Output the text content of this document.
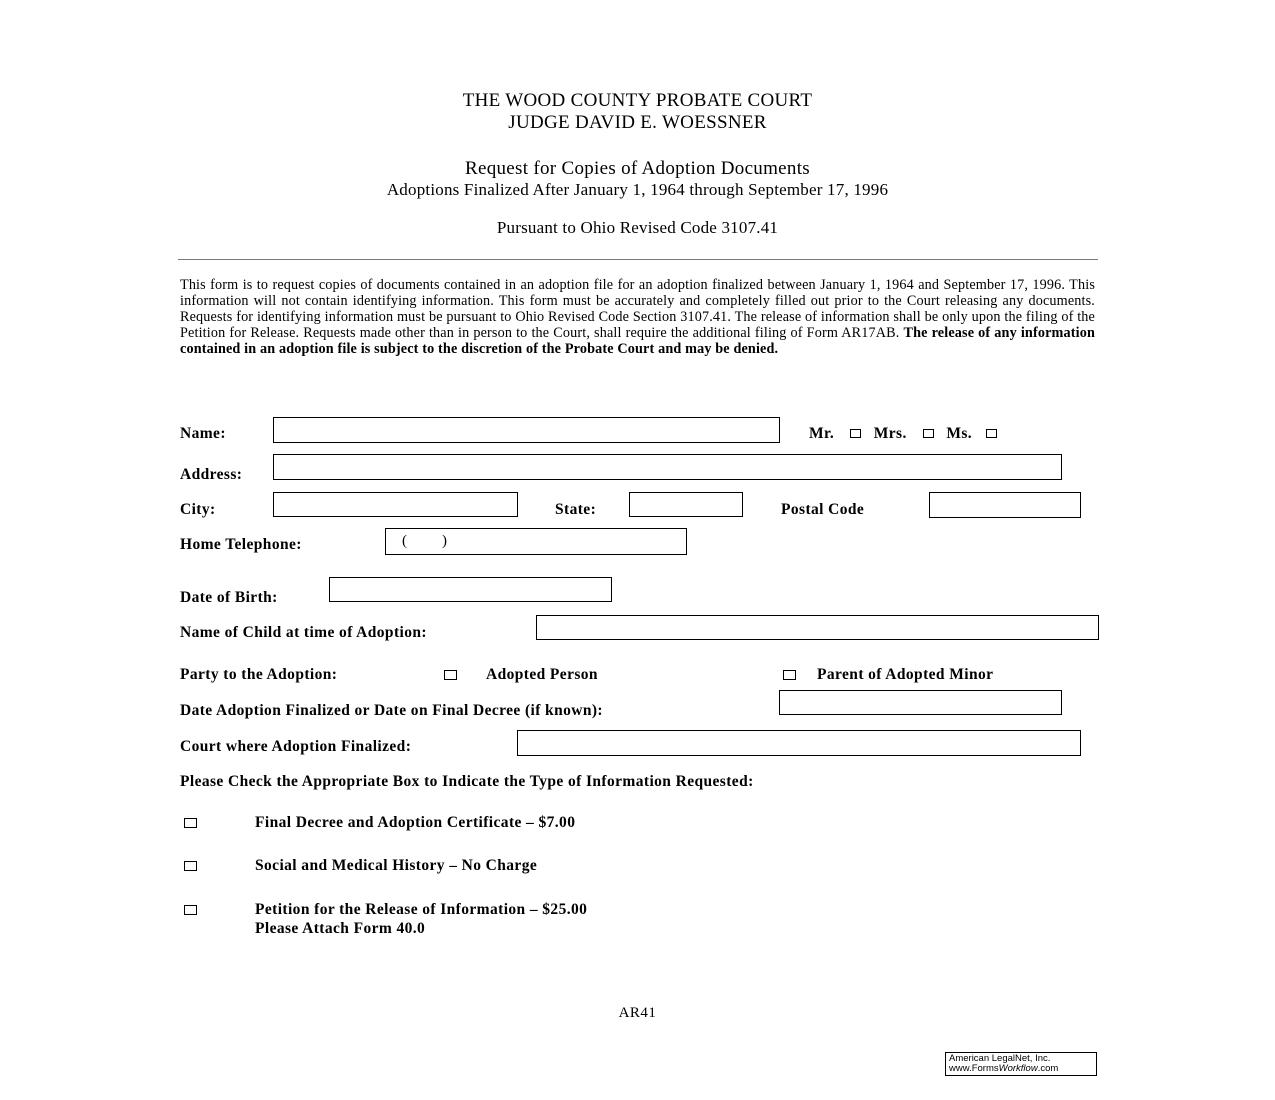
THE WOOD COUNTY PROBATE COURT
JUDGE DAVID E. WOESSNER
Request for Copies of Adoption Documents
Adoptions Finalized After January 1, 1964 through September 17, 1996
Pursuant to Ohio Revised Code 3107.41
This form is to request copies of documents contained in an adoption file for an adoption finalized between January 1, 1964 and September 17, 1996. This information will not contain identifying information. This form must be accurately and completely filled out prior to the Court releasing any documents. Requests for identifying information must be pursuant to Ohio Revised Code Section 3107.41. The release of information shall be only upon the filing of the Petition for Release. Requests made other than in person to the Court, shall require the additional filing of Form AR17AB. The release of any information contained in an adoption file is subject to the discretion of the Probate Court and may be denied.
Name:	Mr.	Mrs.	Ms.
Address:
City:	State:	Postal Code
Home Telephone:	( )
Date of Birth:
Name of Child at time of Adoption:
Party to the Adoption:	Adopted Person	Parent of Adopted Minor
Date Adoption Finalized or Date on Final Decree (if known):
Court where Adoption Finalized:
Please Check the Appropriate Box to Indicate the Type of Information Requested:
Final Decree and Adoption Certificate – $7.00
Social and Medical History – No Charge
Petition for the Release of Information – $25.00
Please Attach Form 40.0
AR41
American LegalNet, Inc.
www.FormsWorkflow.com
